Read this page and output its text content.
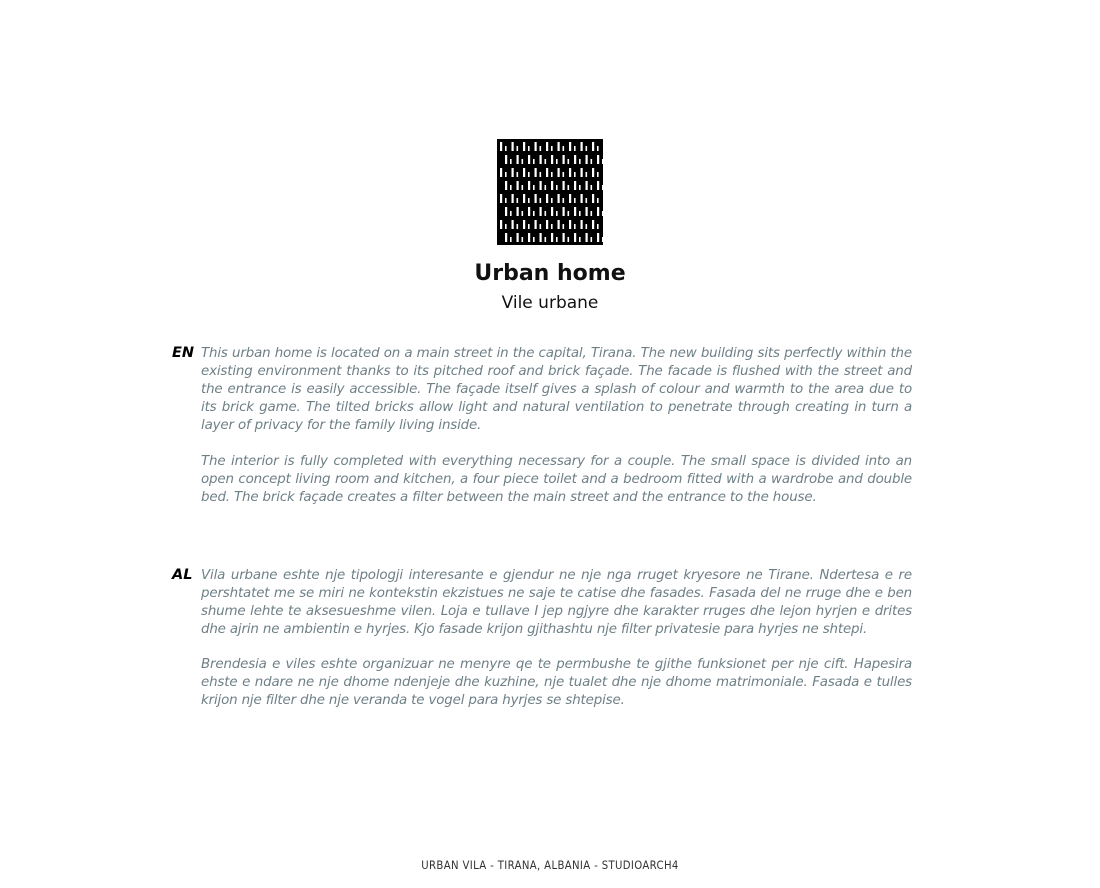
Urban home
Vile urbane
EN This urban home is located on a main street in the capital, Tirana. The new building sits perfectly within the existing environment thanks to its pitched roof and brick façade. The facade is flushed with the street and the entrance is easily accessible. The façade itself gives a splash of colour and warmth to the area due to its brick game. The tilted bricks allow light and natural ventilation to penetrate through creating in turn a layer of privacy for the family living inside.

The interior is fully completed with everything necessary for a couple. The small space is divided into an open concept living room and kitchen, a four piece toilet and a bedroom fitted with a wardrobe and double bed. The brick façade creates a filter between the main street and the entrance to the house.

AL Vila urbane eshte nje tipologji interesante e gjendur ne nje nga rruget kryesore ne Tirane. Ndertesa e re pershtatet me se miri ne kontekstin ekzistues ne saje te catise dhe fasades. Fasada del ne rruge dhe e ben shume lehte te aksesueshme vilen. Loja e tullave I jep ngjyre dhe karakter rruges dhe lejon hyrjen e drites dhe ajrin ne ambientin e hyrjes. Kjo fasade krijon gjithashtu nje filter privatesie para hyrjes ne shtepi.

Brendesia e viles eshte organizuar ne menyre qe te permbushe te gjithe funksionet per nje cift. Hapesira ehste e ndare ne nje dhome ndenjeje dhe kuzhine, nje tualet dhe nje dhome matrimoniale. Fasada e tulles krijon nje filter dhe nje veranda te vogel para hyrjes se shtepise.

URBAN VILA - TIRANA, ALBANIA - STUDIOARCH4
